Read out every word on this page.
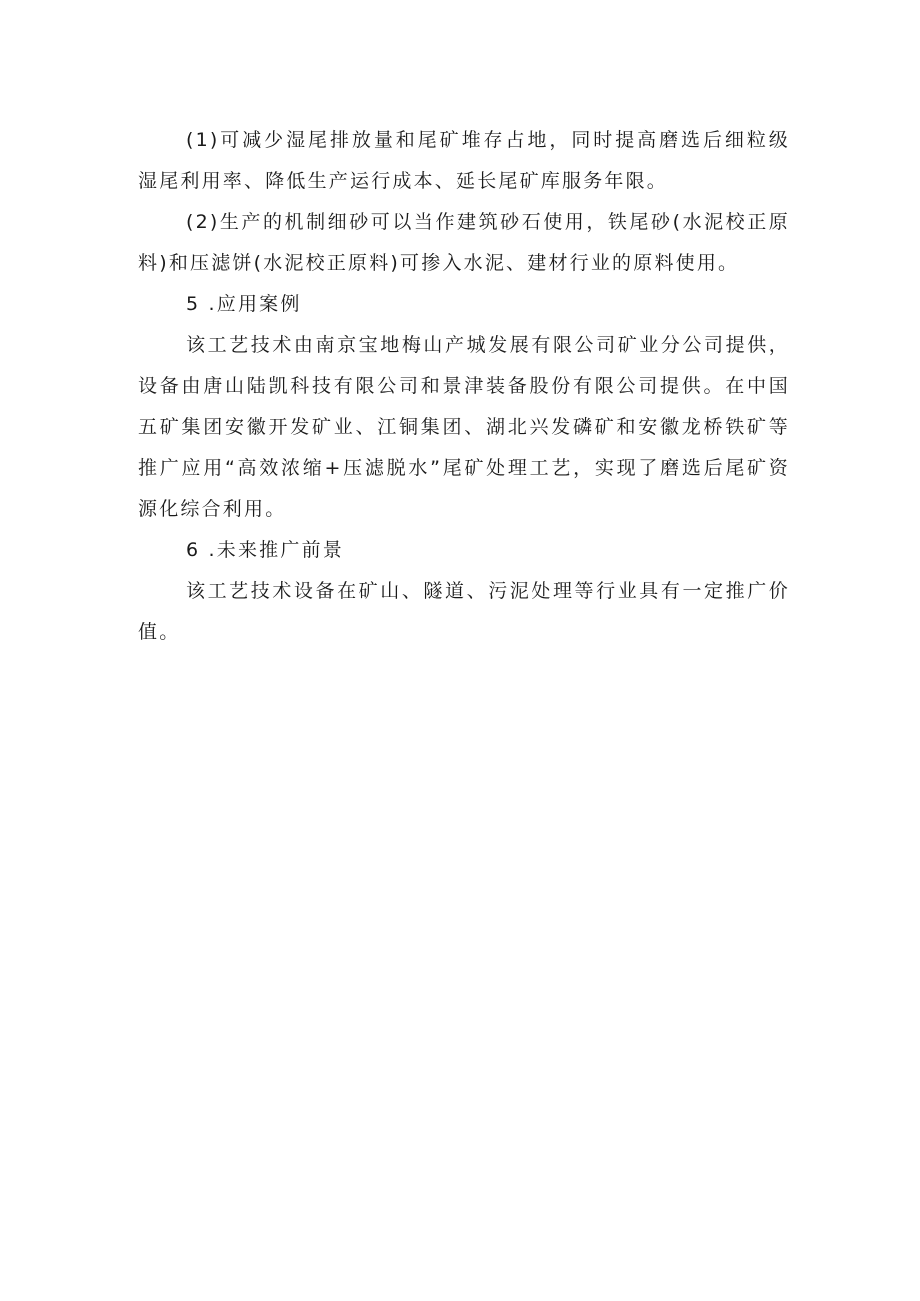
(1)可减少湿尾排放量和尾矿堆存占地，同时提高磨选后细粒级湿尾利用率、降低生产运行成本、延长尾矿库服务年限。

(2)生产的机制细砂可以当作建筑砂石使用，铁尾砂(水泥校正原料)和压滤饼(水泥校正原料)可掺入水泥、建材行业的原料使用。

5 .应用案例

该工艺技术由南京宝地梅山产城发展有限公司矿业分公司提供，设备由唐山陆凯科技有限公司和景津装备股份有限公司提供。在中国五矿集团安徽开发矿业、江铜集团、湖北兴发磷矿和安徽龙桥铁矿等推广应用“高效浓缩+压滤脱水”尾矿处理工艺，实现了磨选后尾矿资源化综合利用。

6 .未来推广前景

该工艺技术设备在矿山、隧道、污泥处理等行业具有一定推广价值。
